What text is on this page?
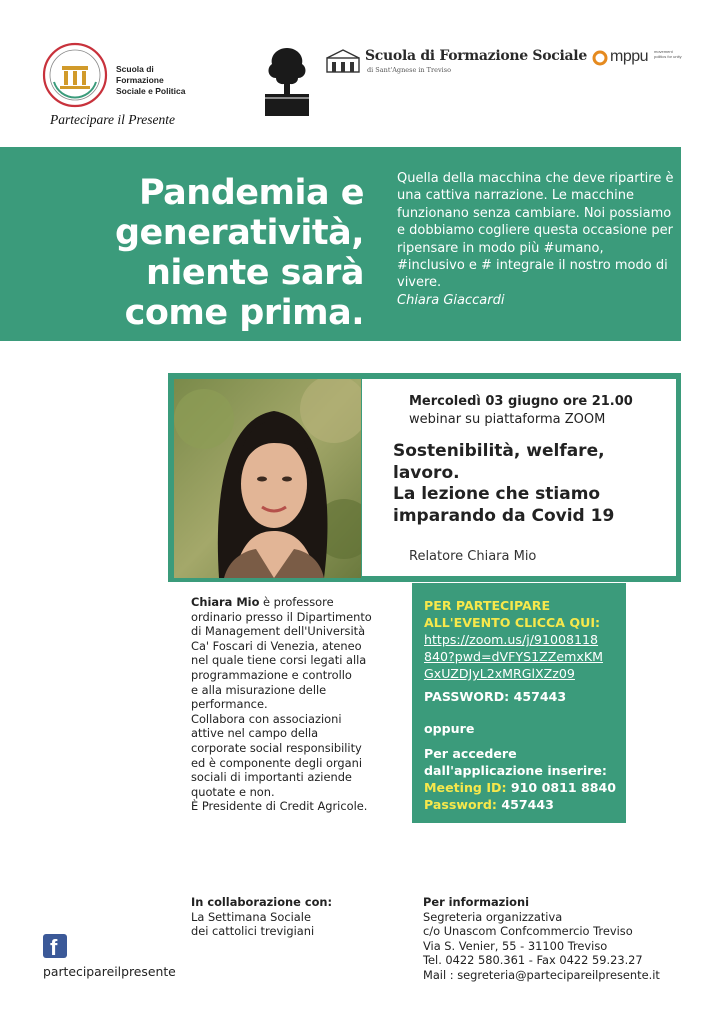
Scuola di Formazione
Sociale e Politica
Partecipare il Presente
Scuola di Formazione Sociale
di Sant'Agnese in Treviso
mppu movement politics for unity
Pandemia e
generatività,
niente sarà
come prima.
Quella della macchina che deve ripartire è una cattiva narrazione. Le macchine funzionano senza cambiare. Noi possiamo e dobbiamo cogliere questa occasione per ripensare in modo più #umano, #inclusivo e # integrale il nostro modo di vivere.
Chiara Giaccardi
Mercoledì 03 giugno ore 21.00
webinar su piattaforma ZOOM
Sostenibilità, welfare,
lavoro.
La lezione che stiamo
imparando da Covid 19
Relatore Chiara Mio
Chiara Mio è professore
ordinario presso il Dipartimento
di Management dell'Università
Ca' Foscari di Venezia, ateneo
nel quale tiene corsi legati alla
programmazione e controllo
e alla misurazione delle
performance.
Collabora con associazioni
attive nel campo della
corporate social responsibility
ed è componente degli organi
sociali di importanti aziende
quotate e non.
È Presidente di Credit Agricole.
PER PARTECIPARE
ALL'EVENTO CLICCA QUI:
https://zoom.us/j/91008118
840?pwd=dVFYS1ZZemxKM
GxUZDJyL2xMRGlXZz09
PASSWORD: 457443
oppure
Per accedere
dall'applicazione inserire:
Meeting ID: 910 0811 8840
Password: 457443
In collaborazione con:
La Settimana Sociale
dei cattolici trevigiani
Per informazioni
Segreteria organizzativa
c/o Unascom Confcommercio Treviso
Via S. Venier, 55 - 31100 Treviso
Tel. 0422 580.361 - Fax 0422 59.23.27
Mail : segreteria@partecipareilpresente.it
f
partecipareilpresente
